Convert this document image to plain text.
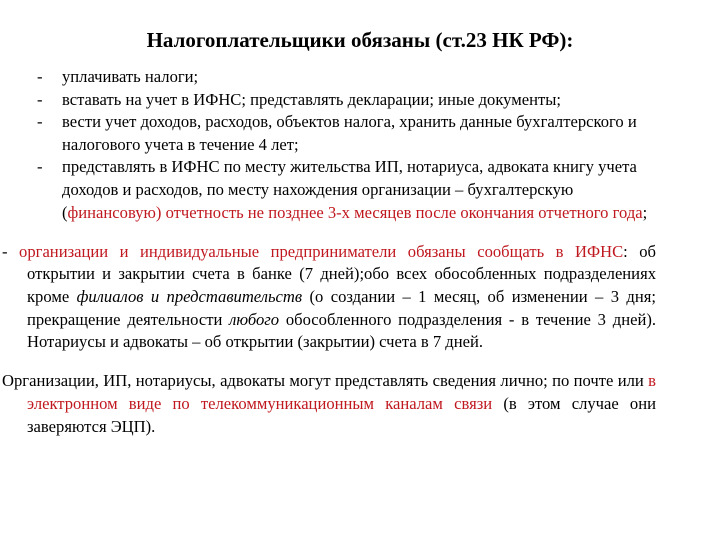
Налогоплательщики обязаны (ст.23 НК РФ):

- уплачивать налоги;

- вставать на учет в ИФНС; представлять декларации; иные документы;

- вести учет доходов, расходов, объектов налога, хранить данные бухгалтерского и налогового учета в течение 4 лет;

- представлять в ИФНС по месту жительства ИП, нотариуса, адвоката книгу учета доходов и расходов, по месту нахождения организации – бухгалтерскую (финансовую) отчетность не позднее 3-х месяцев после окончания отчетного года;

- организации и индивидуальные предприниматели обязаны сообщать в ИФНС: об открытии и закрытии счета в банке (7 дней);обо всех обособленных подразделениях кроме филиалов и представительств (о создании – 1 месяц, об изменении – 3 дня; прекращение деятельности любого обособленного подразделения - в течение 3 дней). Нотариусы и адвокаты – об открытии (закрытии) счета в 7 дней.

Организации, ИП, нотариусы, адвокаты могут представлять сведения лично; по почте или в электронном виде по телекоммуникационным каналам связи (в этом случае они заверяются ЭЦП).
